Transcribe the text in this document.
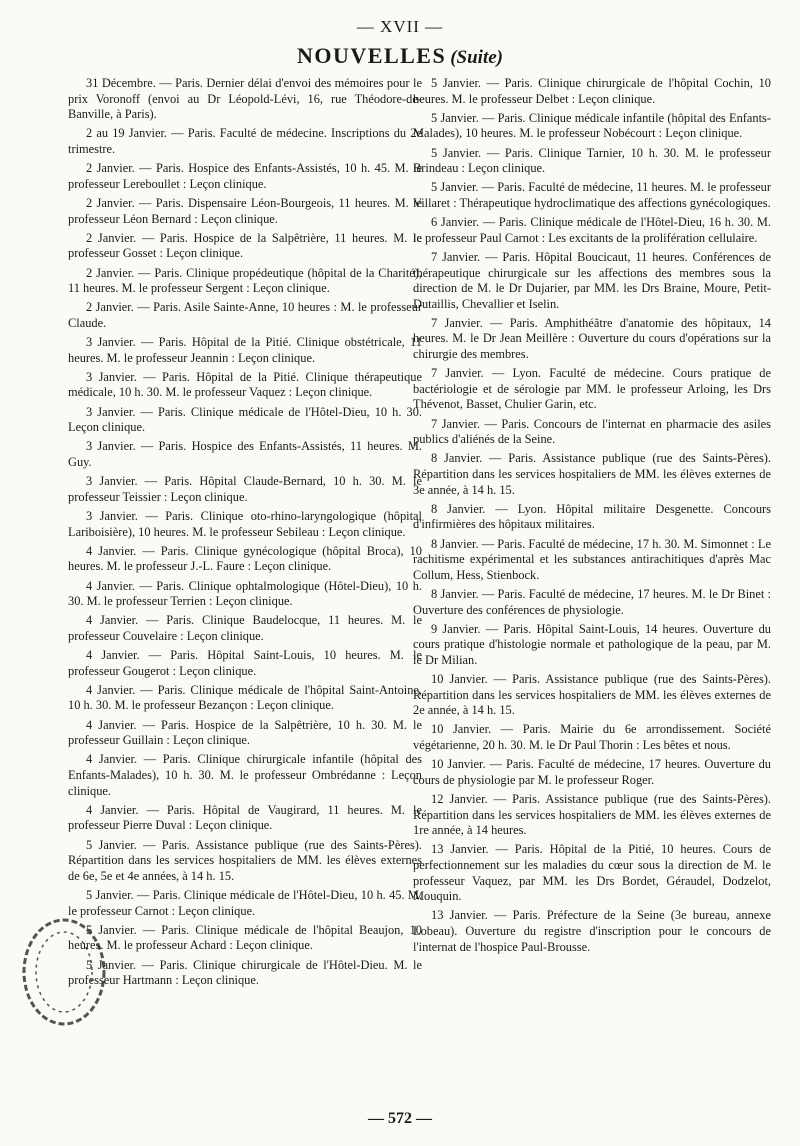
— XVII —
NOUVELLES (Suite)

31 Décembre. — Paris. Dernier délai d'envoi des mémoires pour le prix Voronoff (envoi au Dr Léopold-Lévi, 16, rue Théodore-de-Banville, à Paris).

2 au 19 Janvier. — Paris. Faculté de médecine. Inscriptions du 2e trimestre.

2 Janvier. — Paris. Hospice des Enfants-Assistés, 10 h. 45. M. le professeur Lereboullet : Leçon clinique.

2 Janvier. — Paris. Dispensaire Léon-Bourgeois, 11 heures. M. le professeur Léon Bernard : Leçon clinique.

2 Janvier. — Paris. Hospice de la Salpêtrière, 11 heures. M. le professeur Gosset : Leçon clinique.

2 Janvier. — Paris. Clinique propédeutique (hôpital de la Charité), 11 heures. M. le professeur Sergent : Leçon clinique.

2 Janvier. — Paris. Asile Sainte-Anne, 10 heures : M. le professeur Claude.

3 Janvier. — Paris. Hôpital de la Pitié. Clinique obstétricale, 11 heures. M. le professeur Jeannin : Leçon clinique.

3 Janvier. — Paris. Hôpital de la Pitié. Clinique thérapeutique médicale, 10 h. 30. M. le professeur Vaquez : Leçon clinique.

3 Janvier. — Paris. Clinique médicale de l'Hôtel-Dieu, 10 h. 30. Leçon clinique.

3 Janvier. — Paris. Hospice des Enfants-Assistés, 11 heures. M. Guy.

3 Janvier. — Paris. Hôpital Claude-Bernard, 10 h. 30. M. le professeur Teissier : Leçon clinique.

3 Janvier. — Paris. Clinique oto-rhino-laryngologique (hôpital Lariboisière), 10 heures. M. le professeur Sebileau : Leçon clinique.

4 Janvier. — Paris. Clinique gynécologique (hôpital Broca), 10 heures. M. le professeur J.-L. Faure : Leçon clinique.

4 Janvier. — Paris. Clinique ophtalmologique (Hôtel-Dieu), 10 h. 30. M. le professeur Terrien : Leçon clinique.

4 Janvier. — Paris. Clinique Baudelocque, 11 heures. M. le professeur Couvelaire : Leçon clinique.

4 Janvier. — Paris. Hôpital Saint-Louis, 10 heures. M. le professeur Gougerot : Leçon clinique.

4 Janvier. — Paris. Clinique médicale de l'hôpital Saint-Antoine, 10 h. 30. M. le professeur Bezançon : Leçon clinique.

4 Janvier. — Paris. Hospice de la Salpêtrière, 10 h. 30. M. le professeur Guillain : Leçon clinique.

4 Janvier. — Paris. Clinique chirurgicale infantile (hôpital des Enfants-Malades), 10 h. 30. M. le professeur Ombrédanne : Leçon clinique.

4 Janvier. — Paris. Hôpital de Vaugirard, 11 heures. M. le professeur Pierre Duval : Leçon clinique.

5 Janvier. — Paris. Assistance publique (rue des Saints-Pères). Répartition dans les services hospitaliers de MM. les élèves externes de 6e, 5e et 4e années, à 14 h. 15.

5 Janvier. — Paris. Clinique médicale de l'Hôtel-Dieu, 10 h. 45. M. le professeur Carnot : Leçon clinique.

5 Janvier. — Paris. Clinique médicale de l'hôpital Beaujon, 10 heures. M. le professeur Achard : Leçon clinique.

5 Janvier. — Paris. Clinique chirurgicale de l'Hôtel-Dieu. M. le professeur Hartmann : Leçon clinique.

5 Janvier. — Paris. Clinique chirurgicale de l'hôpital Cochin, 10 heures. M. le professeur Delbet : Leçon clinique.

5 Janvier. — Paris. Clinique médicale infantile (hôpital des Enfants-Malades), 10 heures. M. le professeur Nobécourt : Leçon clinique.

5 Janvier. — Paris. Clinique Tarnier, 10 h. 30. M. le professeur Brindeau : Leçon clinique.

5 Janvier. — Paris. Faculté de médecine, 11 heures. M. le professeur Villaret : Thérapeutique hydroclimatique des affections gynécologiques.

6 Janvier. — Paris. Clinique médicale de l'Hôtel-Dieu, 16 h. 30. M. le professeur Paul Carnot : Les excitants de la prolifération cellulaire.

7 Janvier. — Paris. Hôpital Boucicaut, 11 heures. Conférences de thérapeutique chirurgicale sur les affections des membres sous la direction de M. le Dr Dujarier, par MM. les Drs Braine, Moure, Petit-Dutaillis, Chevallier et Iselin.

7 Janvier. — Paris. Amphithéâtre d'anatomie des hôpitaux, 14 heures. M. le Dr Jean Meillère : Ouverture du cours d'opérations sur la chirurgie des membres.

7 Janvier. — Lyon. Faculté de médecine. Cours pratique de bactériologie et de sérologie par MM. le professeur Arloing, les Drs Thévenot, Basset, Chulier Garin, etc.

7 Janvier. — Paris. Concours de l'internat en pharmacie des asiles publics d'aliénés de la Seine.

8 Janvier. — Paris. Assistance publique (rue des Saints-Pères). Répartition dans les services hospitaliers de MM. les élèves externes de 3e année, à 14 h. 15.

8 Janvier. — Lyon. Hôpital militaire Desgenette. Concours d'infirmières des hôpitaux militaires.

8 Janvier. — Paris. Faculté de médecine, 17 h. 30. M. Simonnet : Le rachitisme expérimental et les substances antirachitiques d'après Mac Collum, Hess, Stienbock.

8 Janvier. — Paris. Faculté de médecine, 17 heures. M. le Dr Binet : Ouverture des conférences de physiologie.

9 Janvier. — Paris. Hôpital Saint-Louis, 14 heures. Ouverture du cours pratique d'histologie normale et pathologique de la peau, par M. le Dr Milian.

10 Janvier. — Paris. Assistance publique (rue des Saints-Pères). Répartition dans les services hospitaliers de MM. les élèves externes de 2e année, à 14 h. 15.

10 Janvier. — Paris. Mairie du 6e arrondissement. Société végétarienne, 20 h. 30. M. le Dr Paul Thorin : Les bêtes et nous.

10 Janvier. — Paris. Faculté de médecine, 17 heures. Ouverture du cours de physiologie par M. le professeur Roger.

12 Janvier. — Paris. Assistance publique (rue des Saints-Pères). Répartition dans les services hospitaliers de MM. les élèves externes de 1re année, à 14 heures.

13 Janvier. — Paris. Hôpital de la Pitié, 10 heures. Cours de perfectionnement sur les maladies du cœur sous la direction de M. le professeur Vaquez, par MM. les Drs Bordet, Géraudel, Dodzelot, Mouquin.

13 Janvier. — Paris. Préfecture de la Seine (3e bureau, annexe Lobeau). Ouverture du registre d'inscription pour le concours de l'internat de l'hospice Paul-Brousse.

— 572 —
